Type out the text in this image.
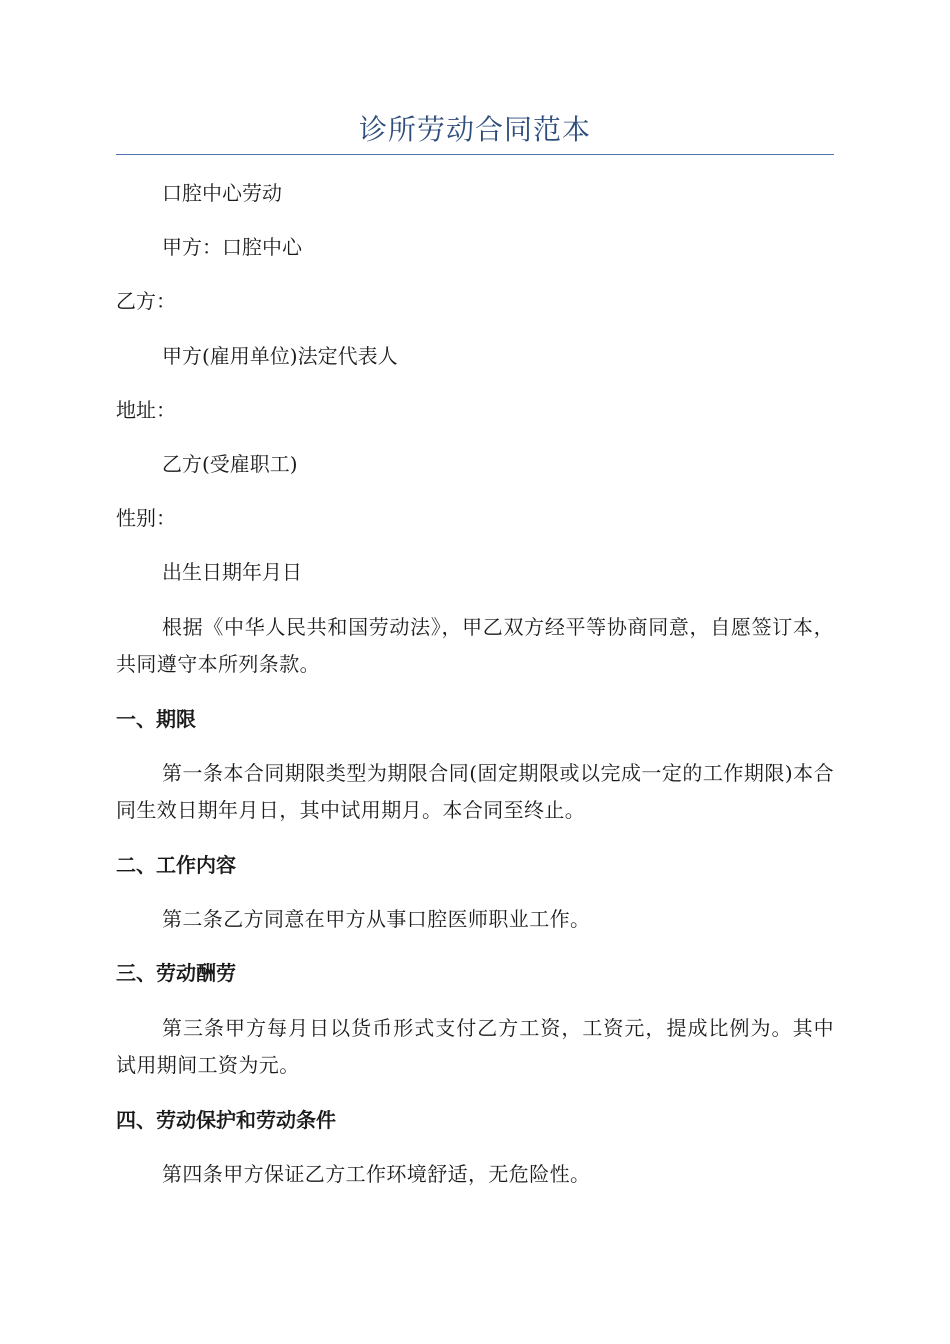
诊所劳动合同范本

口腔中心劳动

甲方：口腔中心

乙方：

甲方(雇用单位)法定代表人

地址：

乙方(受雇职工)

性别：

出生日期年月日

根据《中华人民共和国劳动法》，甲乙双方经平等协商同意，自愿签订本，共同遵守本所列条款。

一、期限

第一条本合同期限类型为期限合同(固定期限或以完成一定的工作期限)本合同生效日期年月日，其中试用期月。本合同至终止。

二、工作内容

第二条乙方同意在甲方从事口腔医师职业工作。

三、劳动酬劳

第三条甲方每月日以货币形式支付乙方工资，工资元，提成比例为。其中试用期间工资为元。

四、劳动保护和劳动条件

第四条甲方保证乙方工作环境舒适，无危险性。
